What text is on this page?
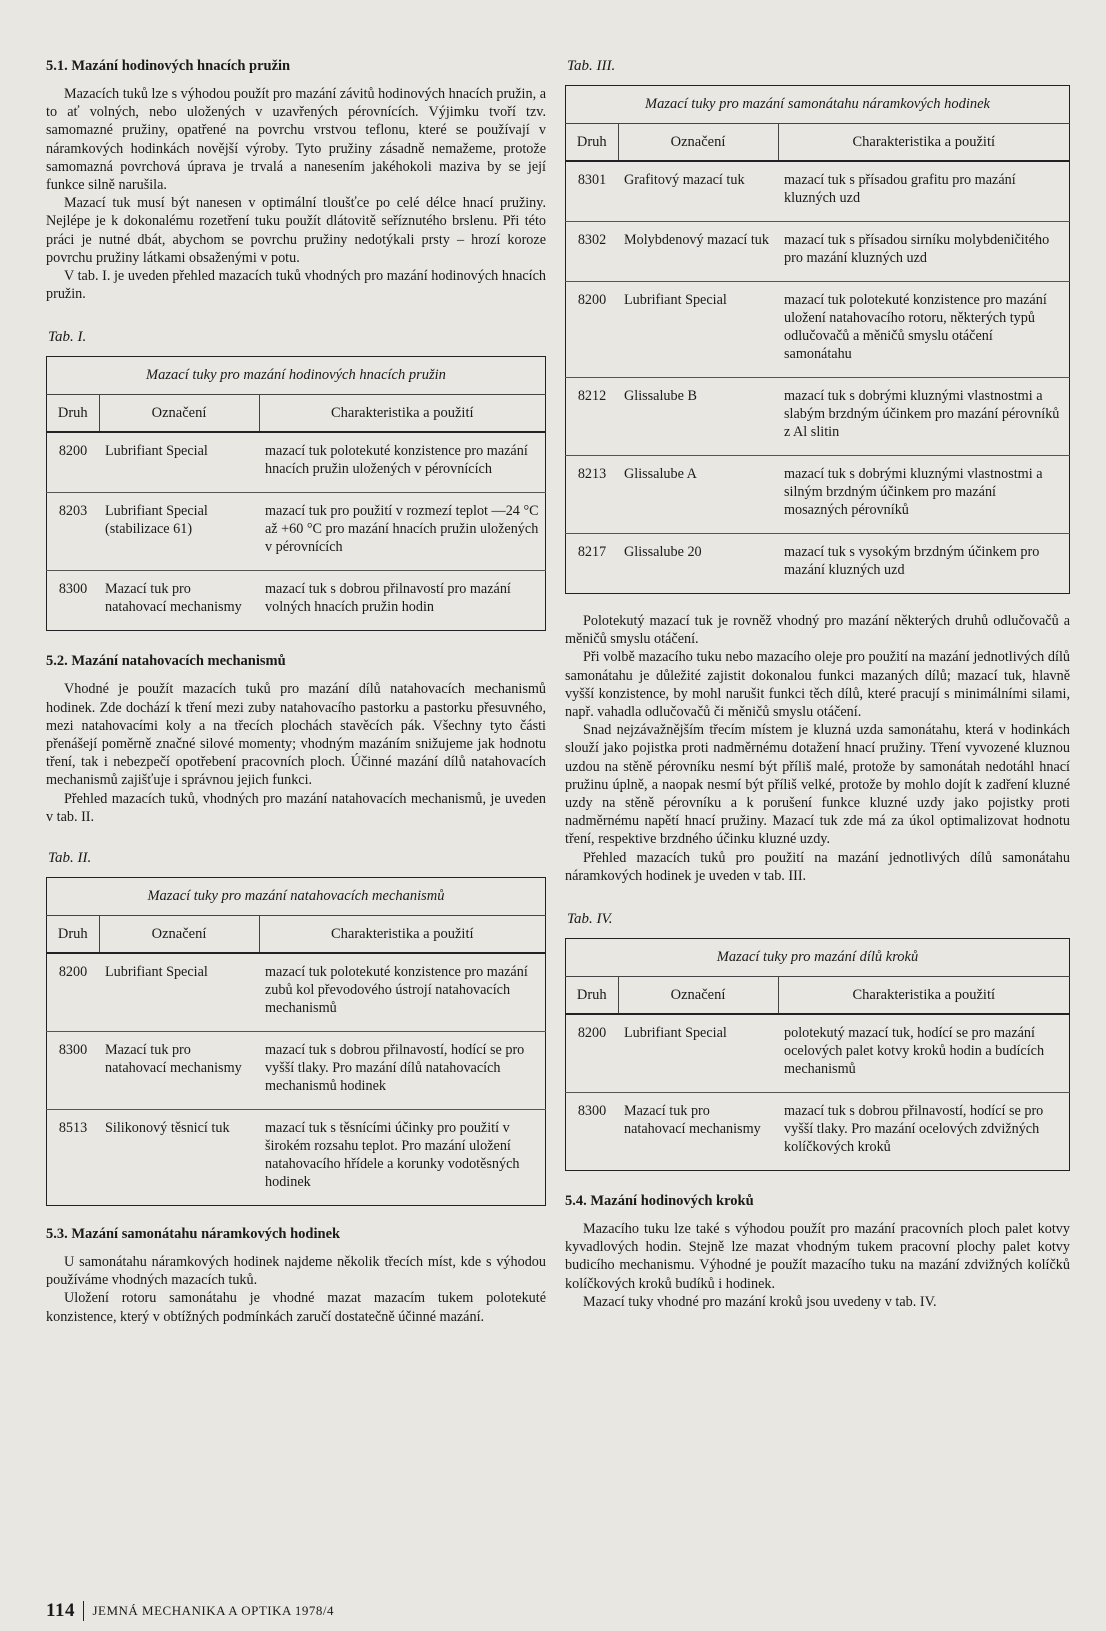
5.1. Mazání hodinových hnacích pružin

Mazacích tuků lze s výhodou použít pro mazání závitů hodinových hnacích pružin, a to ať volných, nebo uložených v uzavřených pérovnících. Výjimku tvoří tzv. samomazné pružiny, opatřené na povrchu vrstvou teflonu, které se používají v náramkových hodinkách novější výroby. Tyto pružiny zásadně nemažeme, protože samomazná povrchová úprava je trvalá a nanesením jakéhokoli maziva by se její funkce silně narušila.

Mazací tuk musí být nanesen v optimální tloušťce po celé délce hnací pružiny. Nejlépe je k dokonalému rozetření tuku použít dlátovitě seříznutého brslenu. Při této práci je nutné dbát, abychom se povrchu pružiny nedotýkali prsty – hrozí koroze povrchu pružiny látkami obsaženými v potu.

V tab. I. je uveden přehled mazacích tuků vhodných pro mazání hodinových hnacích pružin.

Tab. I.
Mazací tuky pro mazání hodinových hnacích pružin
Druh	Označení	Charakteristika a použití
8200	Lubrifiant Special	mazací tuk polotekuté konzistence pro mazání hnacích pružin uložených v pérovnících
8203	Lubrifiant Special (stabilizace 61)	mazací tuk pro použití v rozmezí teplot —24 °C až +60 °C pro mazání hnacích pružin uložených v pérovnících
8300	Mazací tuk pro natahovací mechanismy	mazací tuk s dobrou přilnavostí pro mazání volných hnacích pružin hodin
5.2. Mazání natahovacích mechanismů

Vhodné je použít mazacích tuků pro mazání dílů natahovacích mechanismů hodinek. Zde dochází k tření mezi zuby natahovacího pastorku a pastorku přesuvného, mezi natahovacími koly a na třecích plochách stavěcích pák. Všechny tyto části přenášejí poměrně značné silové momenty; vhodným mazáním snižujeme jak hodnotu tření, tak i nebezpečí opotřebení pracovních ploch. Účinné mazání dílů natahovacích mechanismů zajišťuje i správnou jejich funkci.

Přehled mazacích tuků, vhodných pro mazání natahovacích mechanismů, je uveden v tab. II.

Tab. II.
Mazací tuky pro mazání natahovacích mechanismů
Druh	Označení	Charakteristika a použití
8200	Lubrifiant Special	mazací tuk polotekuté konzistence pro mazání zubů kol převodového ústrojí natahovacích mechanismů
8300	Mazací tuk pro natahovací mechanismy	mazací tuk s dobrou přilnavostí, hodící se pro vyšší tlaky. Pro mazání dílů natahovacích mechanismů hodinek
8513	Silikonový těsnicí tuk	mazací tuk s těsnícími účinky pro použití v širokém rozsahu teplot. Pro mazání uložení natahovacího hřídele a korunky vodotěsných hodinek
5.3. Mazání samonátahu náramkových hodinek

U samonátahu náramkových hodinek najdeme několik třecích míst, kde s výhodou používáme vhodných mazacích tuků.

Uložení rotoru samonátahu je vhodné mazat mazacím tukem polotekuté konzistence, který v obtížných podmínkách zaručí dostatečně účinné mazání.

Tab. III.
Mazací tuky pro mazání samonátahu náramkových hodinek
Druh	Označení	Charakteristika a použití
8301	Grafitový mazací tuk	mazací tuk s přísadou grafitu pro mazání kluzných uzd
8302	Molybdenový mazací tuk	mazací tuk s přísadou sirníku molybdeničitého pro mazání kluzných uzd
8200	Lubrifiant Special	mazací tuk polotekuté konzistence pro mazání uložení natahovacího rotoru, některých typů odlučovačů a měničů smyslu otáčení samonátahu
8212	Glissalube B	mazací tuk s dobrými kluznými vlastnostmi a slabým brzdným účinkem pro mazání pérovníků z Al slitin
8213	Glissalube A	mazací tuk s dobrými kluznými vlastnostmi a silným brzdným účinkem pro mazání mosazných pérovníků
8217	Glissalube 20	mazací tuk s vysokým brzdným účinkem pro mazání kluzných uzd

Polotekutý mazací tuk je rovněž vhodný pro mazání některých druhů odlučovačů a měničů smyslu otáčení.

Při volbě mazacího tuku nebo mazacího oleje pro použití na mazání jednotlivých dílů samonátahu je důležité zajistit dokonalou funkci mazaných dílů; mazací tuk, hlavně vyšší konzistence, by mohl narušit funkci těch dílů, které pracují s minimálními silami, např. vahadla odlučovačů či měničů smyslu otáčení.

Snad nejzávažnějším třecím místem je kluzná uzda samonátahu, která v hodinkách slouží jako pojistka proti nadměrnému dotažení hnací pružiny. Tření vyvozené kluznou uzdou na stěně pérovníku nesmí být příliš malé, protože by samonátah nedotáhl hnací pružinu úplně, a naopak nesmí být příliš velké, protože by mohlo dojít k zadření kluzné uzdy na stěně pérovníku a k porušení funkce kluzné uzdy jako pojistky proti nadměrnému napětí hnací pružiny. Mazací tuk zde má za úkol optimalizovat hodnotu tření, respektive brzdného účinku kluzné uzdy.

Přehled mazacích tuků pro použití na mazání jednotlivých dílů samonátahu náramkových hodinek je uveden v tab. III.

Tab. IV.
Mazací tuky pro mazání dílů kroků
Druh	Označení	Charakteristika a použití
8200	Lubrifiant Special	polotekutý mazací tuk, hodící se pro mazání ocelových palet kotvy kroků hodin a budících mechanismů
8300	Mazací tuk pro natahovací mechanismy	mazací tuk s dobrou přilnavostí, hodící se pro vyšší tlaky. Pro mazání ocelových zdvižných kolíčkových kroků
5.4. Mazání hodinových kroků

Mazacího tuku lze také s výhodou použít pro mazání pracovních ploch palet kotvy kyvadlových hodin. Stejně lze mazat vhodným tukem pracovní plochy palet kotvy budicího mechanismu. Výhodné je použít mazacího tuku na mazání zdvižných kolíčků kolíčkových kroků budíků i hodinek.

Mazací tuky vhodné pro mazání kroků jsou uvedeny v tab. IV.

114 JEMNÁ MECHANIKA A OPTIKA 1978/4
